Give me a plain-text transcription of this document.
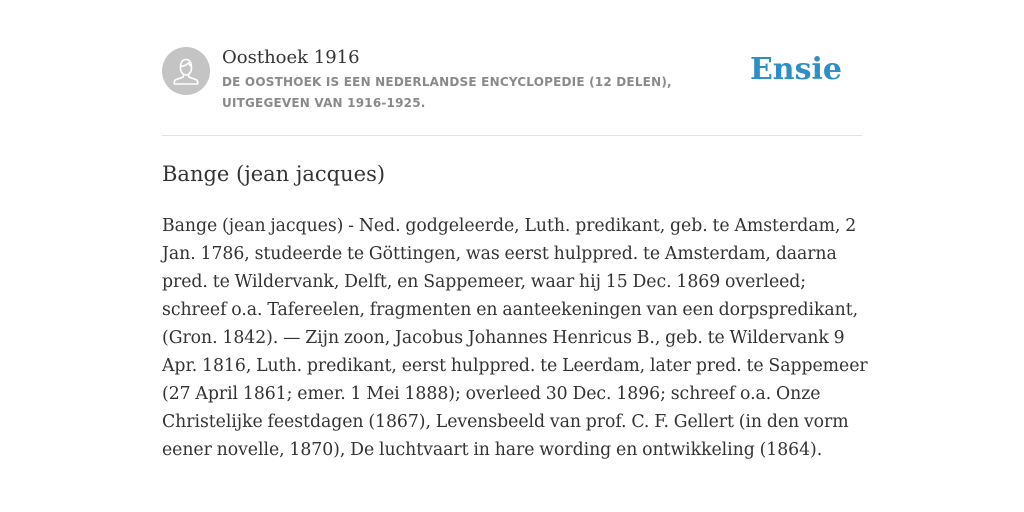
Oosthoek 1916
DE OOSTHOEK IS EEN NEDERLANDSE ENCYCLOPEDIE (12 DELEN), UITGEGEVEN VAN 1916-1925.
Ensie
Bange (jean jacques)

Bange (jean jacques) - Ned. godgeleerde, Luth. predikant, geb. te Amsterdam, 2 Jan. 1786, studeerde te Göttingen, was eerst hulppred. te Amsterdam, daarna pred. te Wildervank, Delft, en Sappemeer, waar hij 15 Dec. 1869 overleed; schreef o.a. Tafereelen, fragmenten en aanteekeningen van een dorpspredikant, (Gron. 1842). — Zijn zoon, Jacobus Johannes Henricus B., geb. te Wildervank 9 Apr. 1816, Luth. predikant, eerst hulppred. te Leerdam, later pred. te Sappemeer (27 April 1861; emer. 1 Mei 1888); overleed 30 Dec. 1896; schreef o.a. Onze Christelijke feestdagen (1867), Levensbeeld van prof. C. F. Gellert (in den vorm eener novelle, 1870), De luchtvaart in hare wording en ontwikkeling (1864).
